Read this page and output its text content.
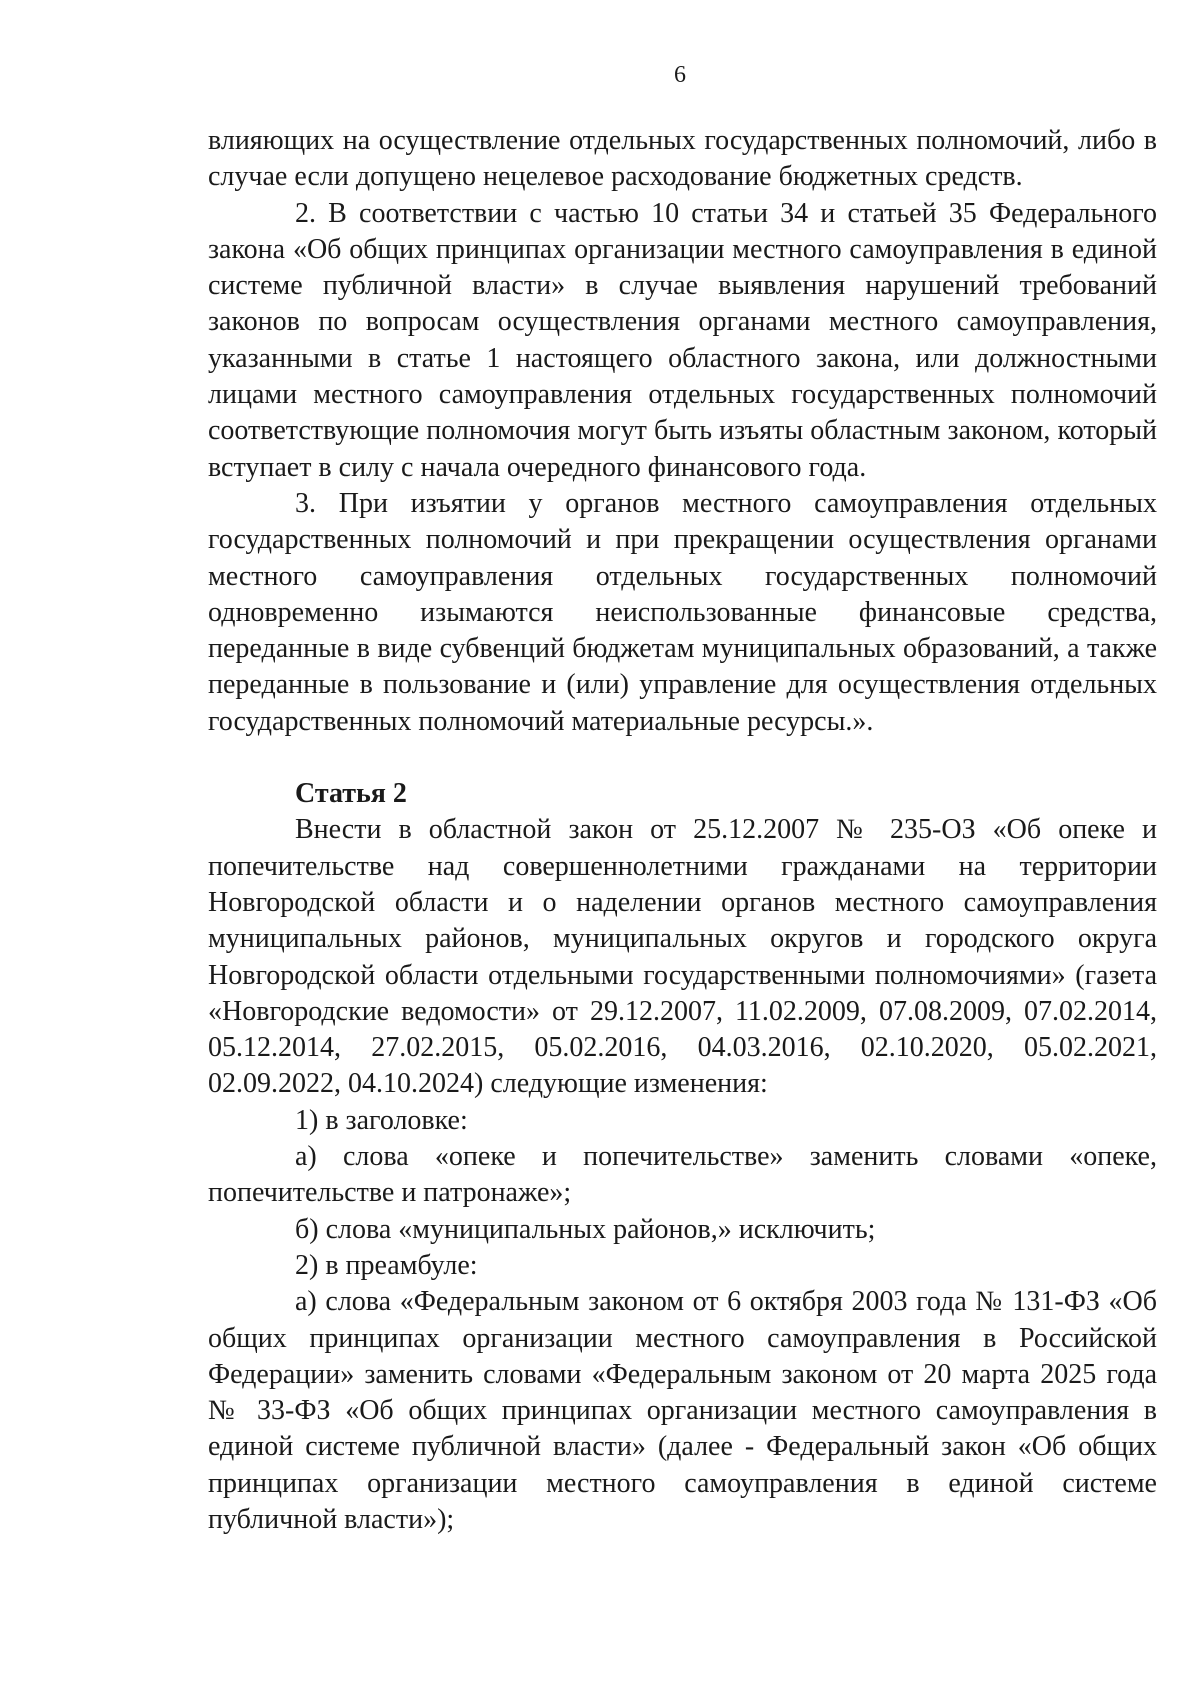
6

влияющих на осуществление отдельных государственных полномочий, либо в случае если допущено нецелевое расходование бюджетных средств.

2. В соответствии с частью 10 статьи 34 и статьей 35 Федерального закона «Об общих принципах организации местного самоуправления в единой системе публичной власти» в случае выявления нарушений требований законов по вопросам осуществления органами местного самоуправления, указанными в статье 1 настоящего областного закона, или должностными лицами местного самоуправления отдельных государственных полномочий соответствующие полномочия могут быть изъяты областным законом, который вступает в силу с начала очередного финансового года.

3. При изъятии у органов местного самоуправления отдельных государственных полномочий и при прекращении осуществления органами местного самоуправления отдельных государственных полномочий одновременно изымаются неиспользованные финансовые средства, переданные в виде субвенций бюджетам муниципальных образований, а также переданные в пользование и (или) управление для осуществления отдельных государственных полномочий материальные ресурсы.».

Статья 2

Внести в областной закон от 25.12.2007 № 235-ОЗ «Об опеке и попечительстве над совершеннолетними гражданами на территории Новгородской области и о наделении органов местного самоуправления муниципальных районов, муниципальных округов и городского округа Новгородской области отдельными государственными полномочиями» (газета «Новгородские ведомости» от 29.12.2007, 11.02.2009, 07.08.2009, 07.02.2014, 05.12.2014, 27.02.2015, 05.02.2016, 04.03.2016, 02.10.2020, 05.02.2021, 02.09.2022, 04.10.2024) следующие изменения:

1) в заголовке:

а) слова «опеке и попечительстве» заменить словами «опеке, попечительстве и патронаже»;

б) слова «муниципальных районов,» исключить;

2) в преамбуле:

а) слова «Федеральным законом от 6 октября 2003 года № 131-ФЗ «Об общих принципах организации местного самоуправления в Российской Федерации» заменить словами «Федеральным законом от 20 марта 2025 года № 33-ФЗ «Об общих принципах организации местного самоуправления в единой системе публичной власти» (далее - Федеральный закон «Об общих принципах организации местного самоуправления в единой системе публичной власти»);
